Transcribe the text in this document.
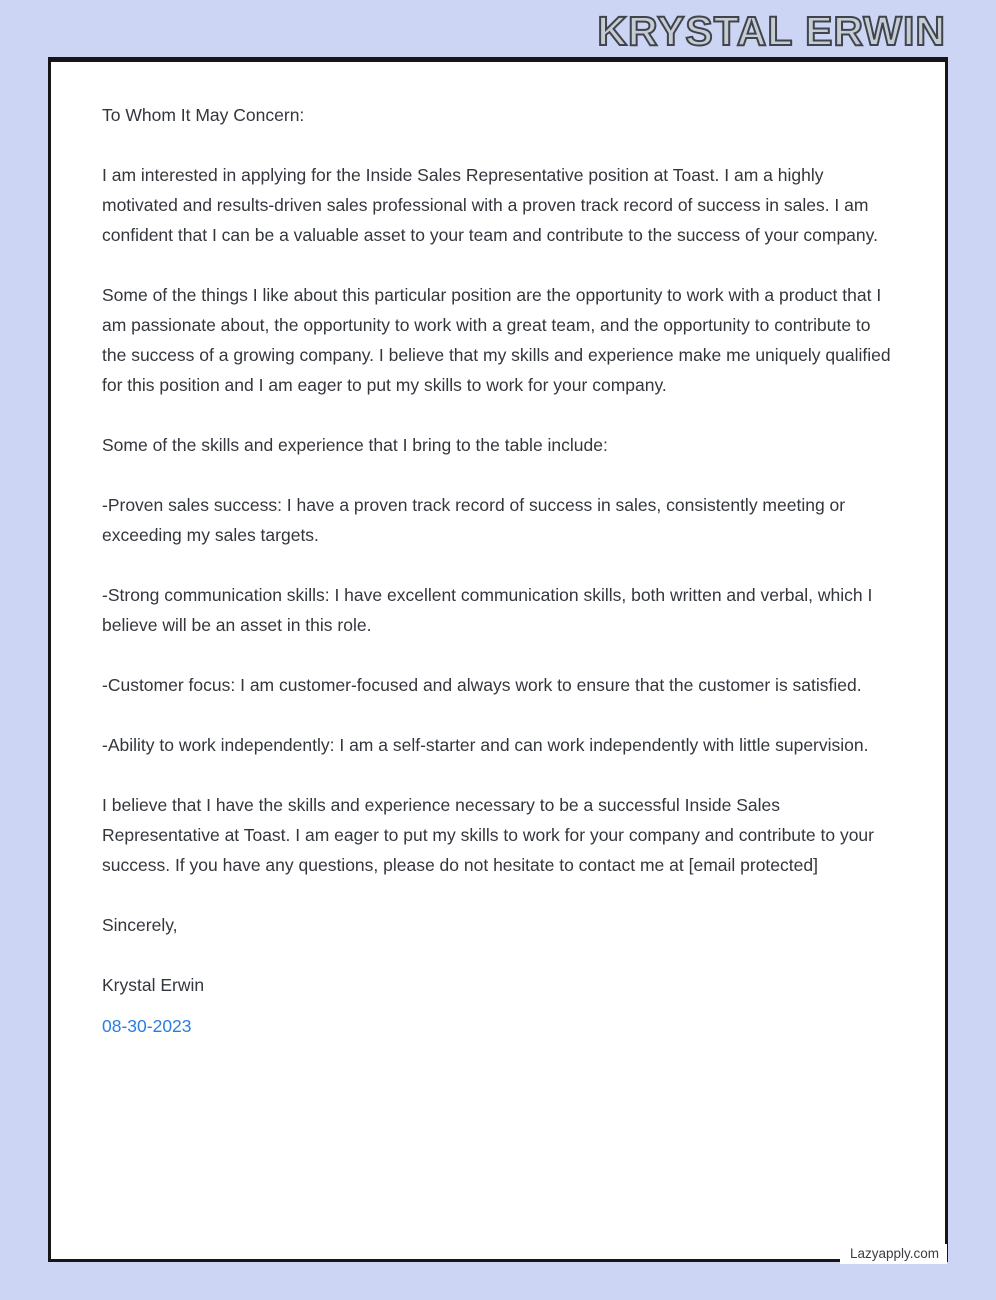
KRYSTAL ERWIN

To Whom It May Concern:

I am interested in applying for the Inside Sales Representative position at Toast. I am a highly motivated and results-driven sales professional with a proven track record of success in sales. I am confident that I can be a valuable asset to your team and contribute to the success of your company.

Some of the things I like about this particular position are the opportunity to work with a product that I am passionate about, the opportunity to work with a great team, and the opportunity to contribute to the success of a growing company. I believe that my skills and experience make me uniquely qualified for this position and I am eager to put my skills to work for your company.

Some of the skills and experience that I bring to the table include:

-Proven sales success: I have a proven track record of success in sales, consistently meeting or exceeding my sales targets.

-Strong communication skills: I have excellent communication skills, both written and verbal, which I believe will be an asset in this role.

-Customer focus: I am customer-focused and always work to ensure that the customer is satisfied.

-Ability to work independently: I am a self-starter and can work independently with little supervision.

I believe that I have the skills and experience necessary to be a successful Inside Sales Representative at Toast. I am eager to put my skills to work for your company and contribute to your success. If you have any questions, please do not hesitate to contact me at [email protected]

Sincerely,

Krystal Erwin

08-30-2023

Lazyapply.com
